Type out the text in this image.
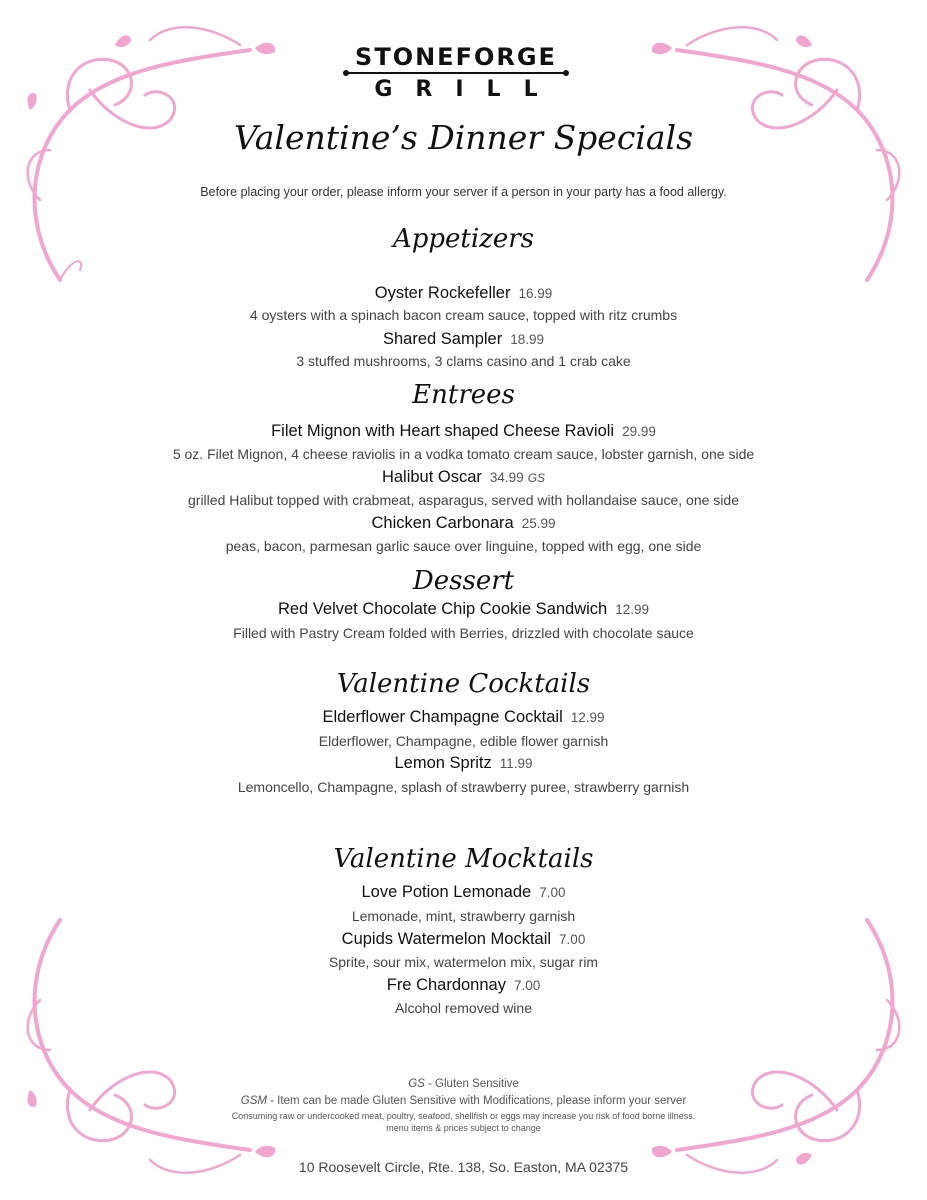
STONEFORGE
GRILL
Valentine’s Dinner Specials
Before placing your order, please inform your server if a person in your party has a food allergy.
Appetizers
Oyster Rockefeller 16.99
4 oysters with a spinach bacon cream sauce, topped with ritz crumbs
Shared Sampler 18.99
3 stuffed mushrooms, 3 clams casino and 1 crab cake
Entrees
Filet Mignon with Heart shaped Cheese Ravioli 29.99
5 oz. Filet Mignon, 4 cheese raviolis in a vodka tomato cream sauce, lobster garnish, one side
Halibut Oscar 34.99 GS
grilled Halibut topped with crabmeat, asparagus, served with hollandaise sauce, one side
Chicken Carbonara 25.99
peas, bacon, parmesan garlic sauce over linguine, topped with egg, one side
Dessert
Red Velvet Chocolate Chip Cookie Sandwich 12.99
Filled with Pastry Cream folded with Berries, drizzled with chocolate sauce
Valentine Cocktails
Elderflower Champagne Cocktail 12.99
Elderflower, Champagne, edible flower garnish
Lemon Spritz 11.99
Lemoncello, Champagne, splash of strawberry puree, strawberry garnish
Valentine Mocktails
Love Potion Lemonade 7.00
Lemonade, mint, strawberry garnish
Cupids Watermelon Mocktail 7.00
Sprite, sour mix, watermelon mix, sugar rim
Fre Chardonnay 7.00
Alcohol removed wine
GS - Gluten Sensitive
GSM - Item can be made Gluten Sensitive with Modifications, please inform your server
Consuming raw or undercooked meat, poultry, seafood, shellfish or eggs may increase you risk of food borne illness.
menu items & prices subject to change
10 Roosevelt Circle, Rte. 138, So. Easton, MA 02375
